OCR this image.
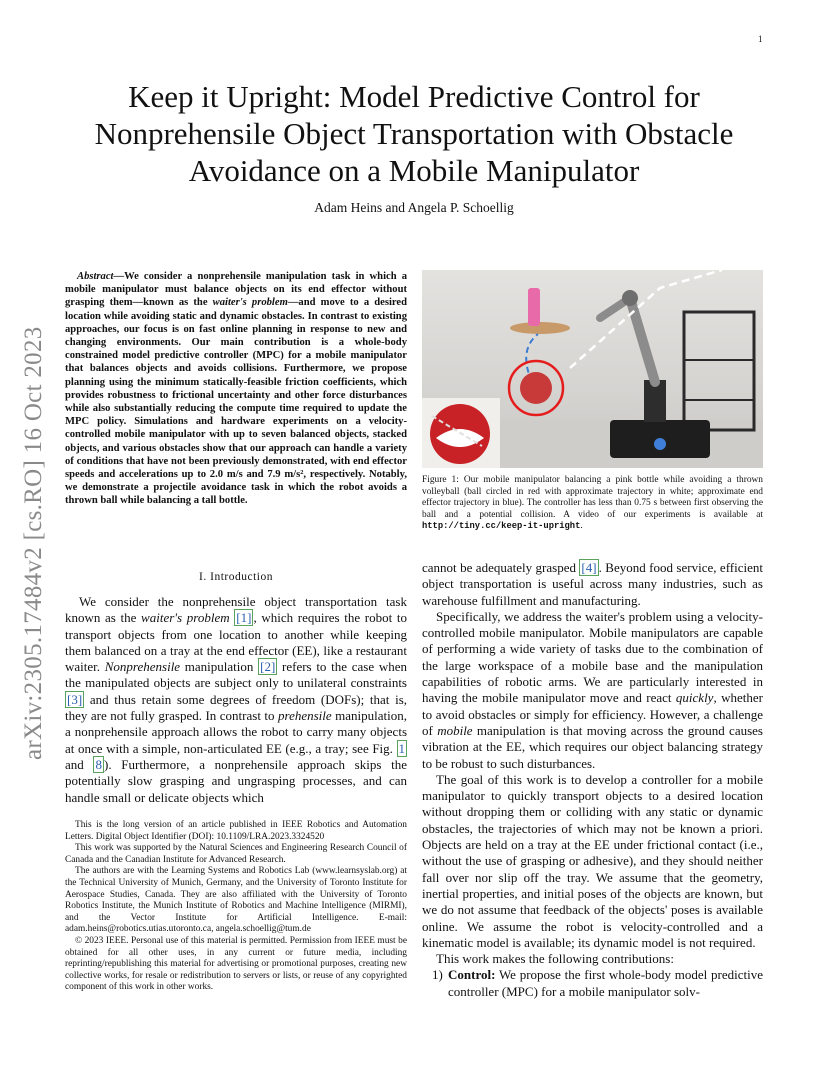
1
arXiv:2305.17484v2 [cs.RO] 16 Oct 2023
Keep it Upright: Model Predictive Control for Nonprehensile Object Transportation with Obstacle Avoidance on a Mobile Manipulator
Adam Heins and Angela P. Schoellig
Abstract—We consider a nonprehensile manipulation task in which a mobile manipulator must balance objects on its end effector without grasping them—known as the waiter's problem—and move to a desired location while avoiding static and dynamic obstacles. In contrast to existing approaches, our focus is on fast online planning in response to new and changing environments. Our main contribution is a whole-body constrained model predictive controller (MPC) for a mobile manipulator that balances objects and avoids collisions. Furthermore, we propose planning using the minimum statically-feasible friction coefficients, which provides robustness to frictional uncertainty and other force disturbances while also substantially reducing the compute time required to update the MPC policy. Simulations and hardware experiments on a velocity-controlled mobile manipulator with up to seven balanced objects, stacked objects, and various obstacles show that our approach can handle a variety of conditions that have not been previously demonstrated, with end effector speeds and accelerations up to 2.0 m/s and 7.9 m/s², respectively. Notably, we demonstrate a projectile avoidance task in which the robot avoids a thrown ball while balancing a tall bottle.
I. Introduction
We consider the nonprehensile object transportation task known as the waiter's problem [1] , which requires the robot to transport objects from one location to another while keeping them balanced on a tray at the end effector (EE), like a restaurant waiter. Nonprehensile manipulation [2] refers to the case when the manipulated objects are subject only to unilateral constraints [3] and thus retain some degrees of freedom (DOFs); that is, they are not fully grasped. In contrast to prehensile manipulation, a nonprehensile approach allows the robot to carry many objects at once with a simple, non-articulated EE (e.g., a tray; see Fig. 1 and 8 ). Furthermore, a nonprehensile approach skips the potentially slow grasping and ungrasping processes, and can handle small or delicate objects which

This is the long version of an article published in IEEE Robotics and Automation Letters. Digital Object Identifier (DOI): 10.1109/LRA.2023.3324520

This work was supported by the Natural Sciences and Engineering Research Council of Canada and the Canadian Institute for Advanced Research.

The authors are with the Learning Systems and Robotics Lab (www.learnsyslab.org) at the Technical University of Munich, Germany, and the University of Toronto Institute for Aerospace Studies, Canada. They are also affiliated with the University of Toronto Robotics Institute, the Munich Institute of Robotics and Machine Intelligence (MIRMI), and the Vector Institute for Artificial Intelligence. E-mail: adam.heins@robotics.utias.utoronto.ca, angela.schoellig@tum.de

© 2023 IEEE. Personal use of this material is permitted. Permission from IEEE must be obtained for all other uses, in any current or future media, including reprinting/republishing this material for advertising or promotional purposes, creating new collective works, for resale or redistribution to servers or lists, or reuse of any copyrighted component of this work in other works.

Figure 1: Our mobile manipulator balancing a pink bottle while avoiding a thrown volleyball (ball circled in red with approximate trajectory in white; approximate end effector trajectory in blue). The controller has less than 0.75 s between first observing the ball and a potential collision. A video of our experiments is available at http://tiny.cc/keep-it-upright.

cannot be adequately grasped [4] . Beyond food service, efficient object transportation is useful across many industries, such as warehouse fulfillment and manufacturing.

Specifically, we address the waiter's problem using a velocity-controlled mobile manipulator. Mobile manipulators are capable of performing a wide variety of tasks due to the combination of the large workspace of a mobile base and the manipulation capabilities of robotic arms. We are particularly interested in having the mobile manipulator move and react quickly, whether to avoid obstacles or simply for efficiency. However, a challenge of mobile manipulation is that moving across the ground causes vibration at the EE, which requires our object balancing strategy to be robust to such disturbances.

The goal of this work is to develop a controller for a mobile manipulator to quickly transport objects to a desired location without dropping them or colliding with any static or dynamic obstacles, the trajectories of which may not be known a priori. Objects are held on a tray at the EE under frictional contact (i.e., without the use of grasping or adhesive), and they should neither fall over nor slip off the tray. We assume that the geometry, inertial properties, and initial poses of the objects are known, but we do not assume that feedback of the objects' poses is available online. We assume the robot is velocity-controlled and a kinematic model is available; its dynamic model is not required.

This work makes the following contributions:

1) Control: We propose the first whole-body model predictive controller (MPC) for a mobile manipulator solv-
